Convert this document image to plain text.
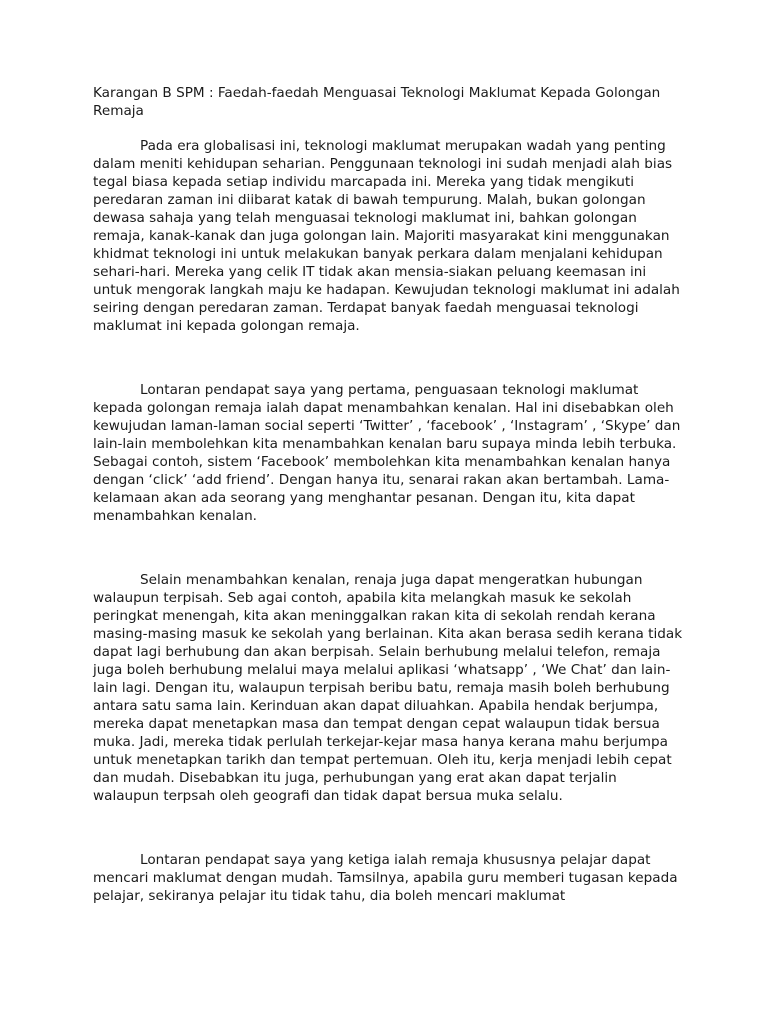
Karangan B SPM : Faedah-faedah Menguasai Teknologi Maklumat Kepada Golongan Remaja

Pada era globalisasi ini, teknologi maklumat merupakan wadah yang penting dalam meniti kehidupan seharian. Penggunaan teknologi ini sudah menjadi alah bias tegal biasa kepada setiap individu marcapada ini. Mereka yang tidak mengikuti peredaran zaman ini diibarat katak di bawah tempurung. Malah, bukan golongan dewasa sahaja yang telah menguasai teknologi maklumat ini, bahkan golongan remaja, kanak-kanak dan juga golongan lain. Majoriti masyarakat kini menggunakan khidmat teknologi ini untuk melakukan banyak perkara dalam menjalani kehidupan sehari-hari. Mereka yang celik IT tidak akan mensia-siakan peluang keemasan ini untuk mengorak langkah maju ke hadapan. Kewujudan teknologi maklumat ini adalah seiring dengan peredaran zaman. Terdapat banyak faedah menguasai teknologi maklumat ini kepada golongan remaja.

Lontaran pendapat saya yang pertama, penguasaan teknologi maklumat kepada golongan remaja ialah dapat menambahkan kenalan. Hal ini disebabkan oleh kewujudan laman-laman social seperti ‘Twitter’ , ‘facebook’ , ‘Instagram’ , ‘Skype’ dan lain-lain membolehkan kita menambahkan kenalan baru supaya minda lebih terbuka. Sebagai contoh, sistem ‘Facebook’ membolehkan kita menambahkan kenalan hanya dengan ‘click’ ‘add friend’. Dengan hanya itu, senarai rakan akan bertambah. Lama-kelamaan akan ada seorang yang menghantar pesanan. Dengan itu, kita dapat menambahkan kenalan.

Selain menambahkan kenalan, renaja juga dapat mengeratkan hubungan walaupun terpisah. Seb agai contoh, apabila kita melangkah masuk ke sekolah peringkat menengah, kita akan meninggalkan rakan kita di sekolah rendah kerana masing-masing masuk ke sekolah yang berlainan. Kita akan berasa sedih kerana tidak dapat lagi berhubung dan akan berpisah. Selain berhubung melalui telefon, remaja juga boleh berhubung melalui maya melalui aplikasi ‘whatsapp’ , ‘We Chat’ dan lain-lain lagi. Dengan itu, walaupun terpisah beribu batu, remaja masih boleh berhubung antara satu sama lain. Kerinduan akan dapat diluahkan. Apabila hendak berjumpa, mereka dapat menetapkan masa dan tempat dengan cepat walaupun tidak bersua muka. Jadi, mereka tidak perlulah terkejar-kejar masa hanya kerana mahu berjumpa untuk menetapkan tarikh dan tempat pertemuan. Oleh itu, kerja menjadi lebih cepat dan mudah. Disebabkan itu juga, perhubungan yang erat akan dapat terjalin walaupun terpsah oleh geografi dan tidak dapat bersua muka selalu.

Lontaran pendapat saya yang ketiga ialah remaja khususnya pelajar dapat mencari maklumat dengan mudah. Tamsilnya, apabila guru memberi tugasan kepada pelajar, sekiranya pelajar itu tidak tahu, dia boleh mencari maklumat
